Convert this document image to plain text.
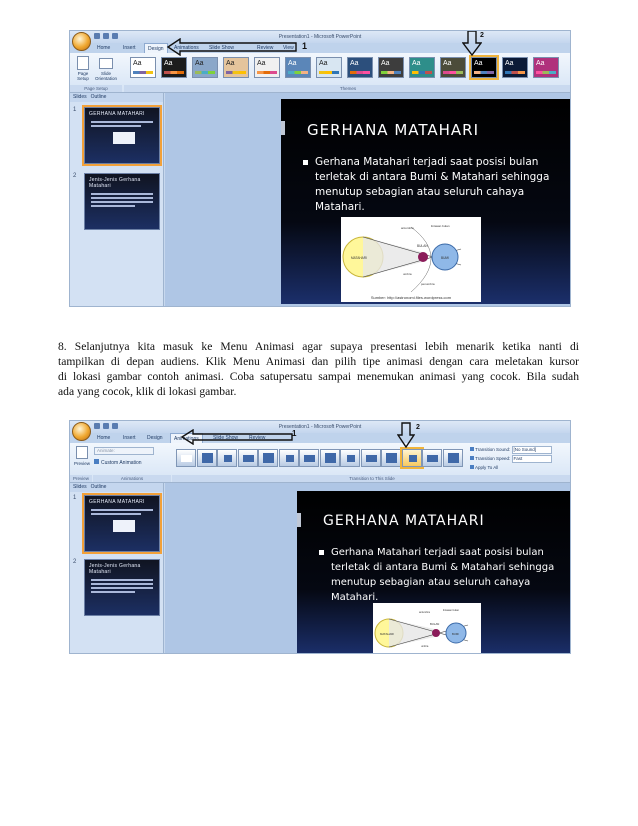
Presentation1 - Microsoft PowerPoint
Home	Insert	Design	Animations	Slide Show	Review	View
Page Setup
Slide Orientation
Page Setup
Aa	Aa	Aa	Aa	Aa	Aa	Aa	Aa	Aa	Aa	Aa	Aa	Aa	Aa
Themes
1
2
Slides Outline
1
GERHANA MATAHARI
2
Jenis-Jenis Gerhana Matahari
GERHANA MATAHARI
Gerhana Matahari terjadi saat posisi bulan terletak di antara Bumi & Matahari sehingga menutup sebagian atau seluruh cahaya Matahari.
MATAHARI
BULAN
BUMI
lintasan bulan
antumbra
umbra
penumbra
Sumber: http://astronomi.files.wordpress.com
8. Selanjutnya kita masuk ke Menu Animasi agar supaya presentasi lebih menarik ketika nanti di
tampilkan di depan audiens. Klik Menu Animasi dan pilih tipe animasi dengan cara meletakan kursor
di lokasi gambar contoh animasi. Coba satupersatu sampai menemukan animasi yang cocok. Bila sudah
ada yang cocok, klik di lokasi gambar.
Presentation1 - Microsoft PowerPoint
Home	Insert	Design	Animations	Slide Show	Review
Preview
Animate:
Custom Animation
Preview	Animations	Transition to This Slide
Transition Sound: [No Sound]
Transition Speed: Fast
Apply To All
1
2
Slides Outline
1
GERHANA MATAHARI
2
Jenis-Jenis Gerhana Matahari
GERHANA MATAHARI
Gerhana Matahari terjadi saat posisi bulan terletak di antara Bumi & Matahari sehingga menutup sebagian atau seluruh cahaya Matahari.
MATAHARI
BULAN
BUMI
lintasan bulan
antumbra
umbra
